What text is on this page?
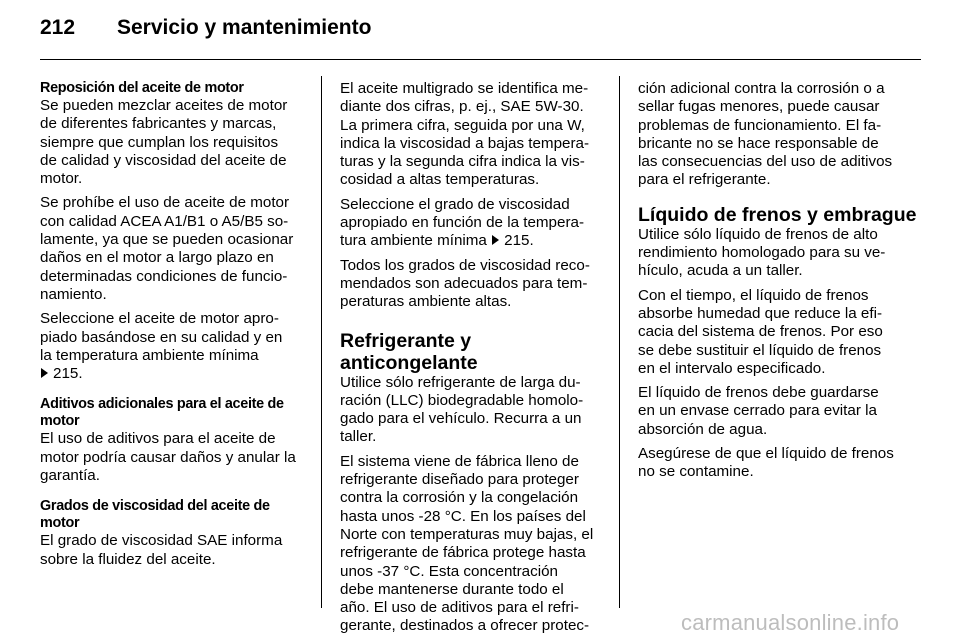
212 Servicio y mantenimiento
Reposición del aceite de motor

Se pueden mezclar aceites de motor
de diferentes fabricantes y marcas,
siempre que cumplan los requisitos
de calidad y viscosidad del aceite de
motor.

Se prohíbe el uso de aceite de motor
con calidad ACEA A1/B1 o A5/B5 so-
lamente, ya que se pueden ocasionar
daños en el motor a largo plazo en
determinadas condiciones de funcio-
namiento.

Seleccione el aceite de motor apro-
piado basándose en su calidad y en
la temperatura ambiente mínima
215.

Aditivos adicionales para el aceite de motor

El uso de aditivos para el aceite de
motor podría causar daños y anular la
garantía.

Grados de viscosidad del aceite de motor

El grado de viscosidad SAE informa
sobre la fluidez del aceite.

El aceite multigrado se identifica me-
diante dos cifras, p. ej., SAE 5W-30.
La primera cifra, seguida por una W,
indica la viscosidad a bajas tempera-
turas y la segunda cifra indica la vis-
cosidad a altas temperaturas.

Seleccione el grado de viscosidad
apropiado en función de la tempera-
tura ambiente mínima 215.

Todos los grados de viscosidad reco-
mendados son adecuados para tem-
peraturas ambiente altas.

Refrigerante y anticongelante

Utilice sólo refrigerante de larga du-
ración (LLC) biodegradable homolo-
gado para el vehículo. Recurra a un
taller.

El sistema viene de fábrica lleno de
refrigerante diseñado para proteger
contra la corrosión y la congelación
hasta unos -28 °C. En los países del
Norte con temperaturas muy bajas, el
refrigerante de fábrica protege hasta
unos -37 °C. Esta concentración
debe mantenerse durante todo el
año. El uso de aditivos para el refri-
gerante, destinados a ofrecer protec-

ción adicional contra la corrosión o a
sellar fugas menores, puede causar
problemas de funcionamiento. El fa-
bricante no se hace responsable de
las consecuencias del uso de aditivos
para el refrigerante.

Líquido de frenos y embrague

Utilice sólo líquido de frenos de alto
rendimiento homologado para su ve-
hículo, acuda a un taller.

Con el tiempo, el líquido de frenos
absorbe humedad que reduce la efi-
cacia del sistema de frenos. Por eso
se debe sustituir el líquido de frenos
en el intervalo especificado.

El líquido de frenos debe guardarse
en un envase cerrado para evitar la
absorción de agua.

Asegúrese de que el líquido de frenos
no se contamine.

carmanualsonline.info
